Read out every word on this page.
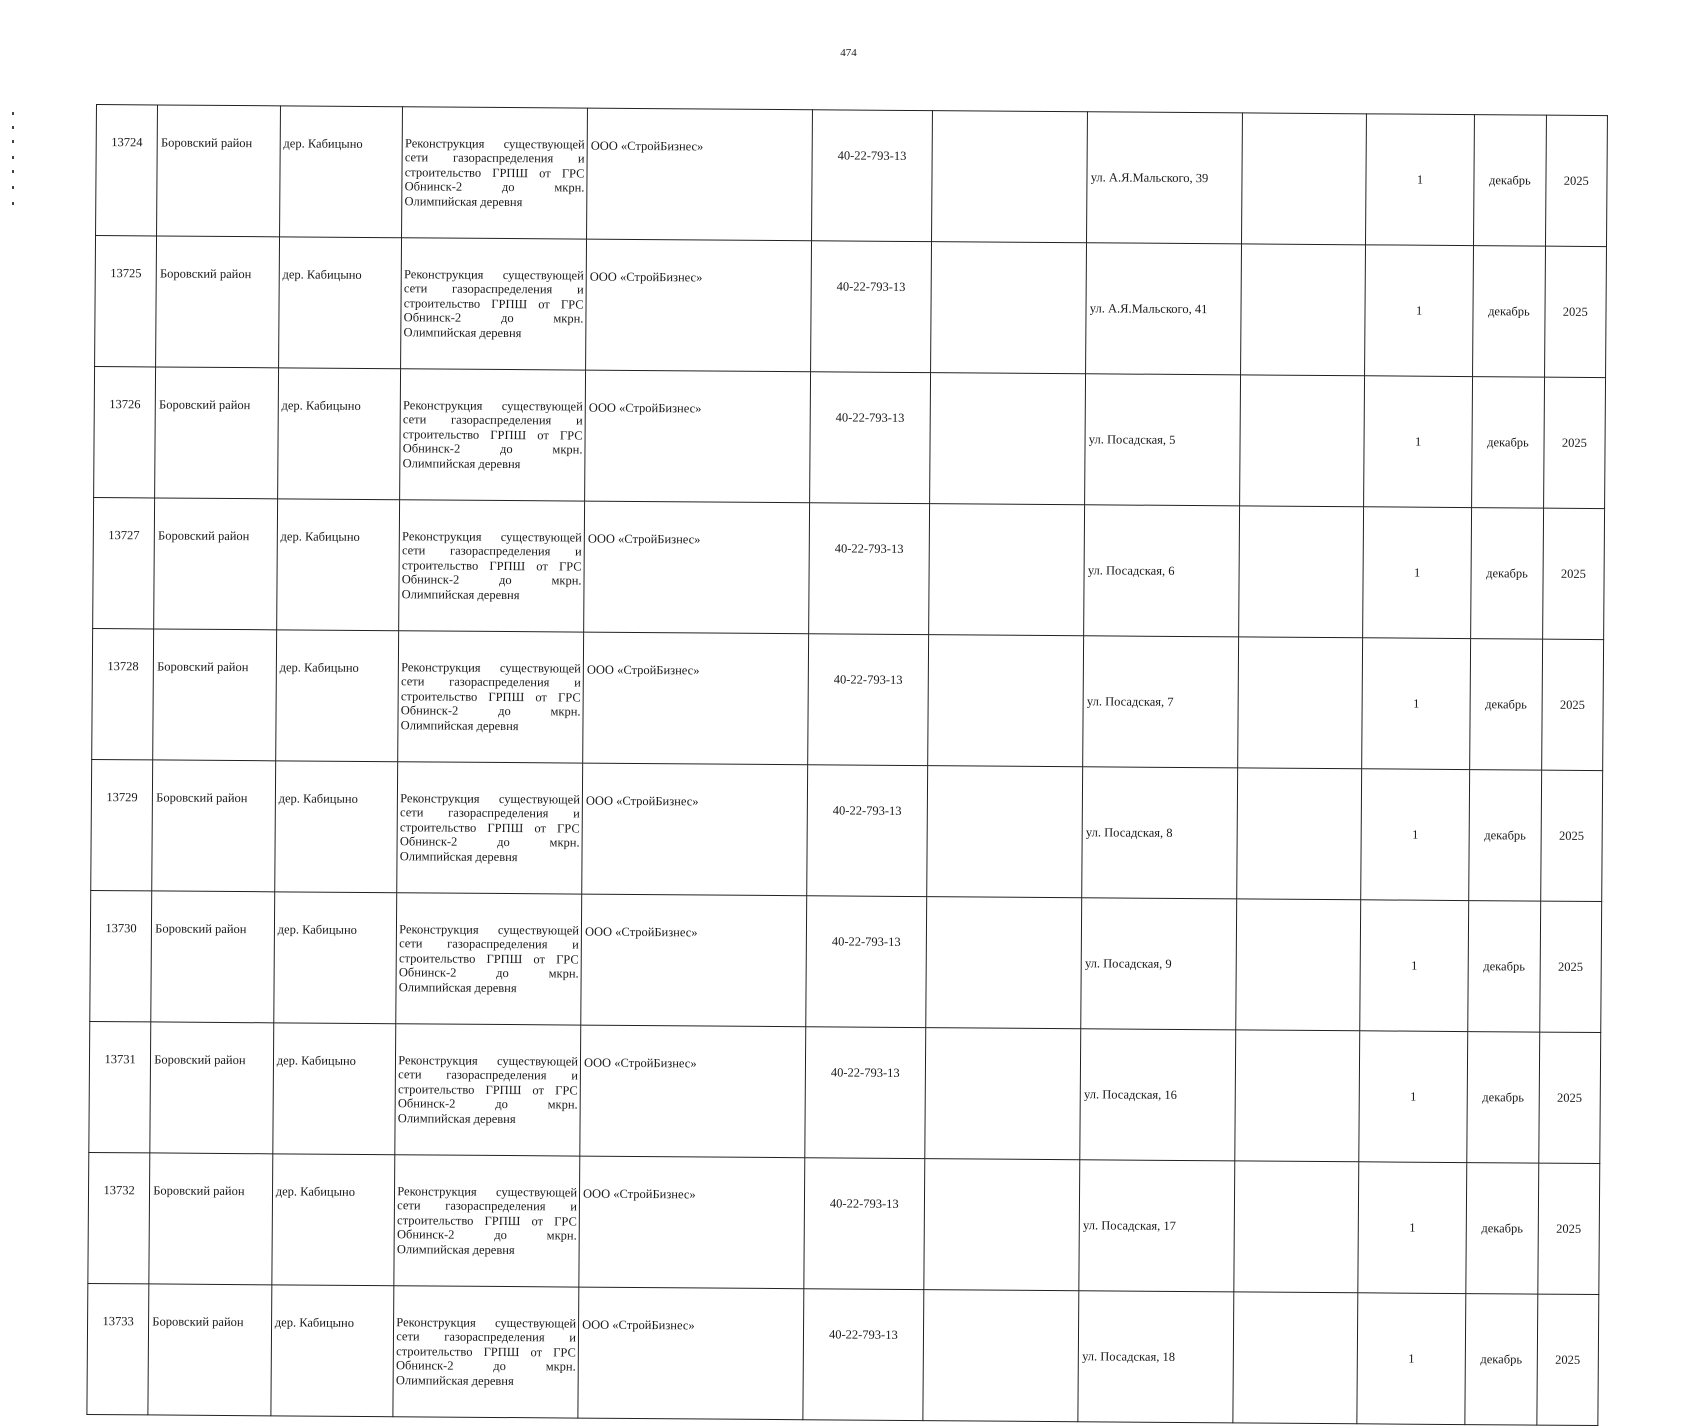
474
13724	Боровский район	дер. Кабицыно	Реконструкция существующей сети газораспределения и строительство ГРПШ от ГРС Обнинск-2 до мкрн. Олимпийская деревня	ООО «СтройБизнес»	40-22-793-13		ул. А.Я.Мальского, 39		1	декабрь	2025
13725	Боровский район	дер. Кабицыно	Реконструкция существующей сети газораспределения и строительство ГРПШ от ГРС Обнинск-2 до мкрн. Олимпийская деревня	ООО «СтройБизнес»	40-22-793-13		ул. А.Я.Мальского, 41		1	декабрь	2025
13726	Боровский район	дер. Кабицыно	Реконструкция существующей сети газораспределения и строительство ГРПШ от ГРС Обнинск-2 до мкрн. Олимпийская деревня	ООО «СтройБизнес»	40-22-793-13		ул. Посадская, 5		1	декабрь	2025
13727	Боровский район	дер. Кабицыно	Реконструкция существующей сети газораспределения и строительство ГРПШ от ГРС Обнинск-2 до мкрн. Олимпийская деревня	ООО «СтройБизнес»	40-22-793-13		ул. Посадская, 6		1	декабрь	2025
13728	Боровский район	дер. Кабицыно	Реконструкция существующей сети газораспределения и строительство ГРПШ от ГРС Обнинск-2 до мкрн. Олимпийская деревня	ООО «СтройБизнес»	40-22-793-13		ул. Посадская, 7		1	декабрь	2025
13729	Боровский район	дер. Кабицыно	Реконструкция существующей сети газораспределения и строительство ГРПШ от ГРС Обнинск-2 до мкрн. Олимпийская деревня	ООО «СтройБизнес»	40-22-793-13		ул. Посадская, 8		1	декабрь	2025
13730	Боровский район	дер. Кабицыно	Реконструкция существующей сети газораспределения и строительство ГРПШ от ГРС Обнинск-2 до мкрн. Олимпийская деревня	ООО «СтройБизнес»	40-22-793-13		ул. Посадская, 9		1	декабрь	2025
13731	Боровский район	дер. Кабицыно	Реконструкция существующей сети газораспределения и строительство ГРПШ от ГРС Обнинск-2 до мкрн. Олимпийская деревня	ООО «СтройБизнес»	40-22-793-13		ул. Посадская, 16		1	декабрь	2025
13732	Боровский район	дер. Кабицыно	Реконструкция существующей сети газораспределения и строительство ГРПШ от ГРС Обнинск-2 до мкрн. Олимпийская деревня	ООО «СтройБизнес»	40-22-793-13		ул. Посадская, 17		1	декабрь	2025
13733	Боровский район	дер. Кабицыно	Реконструкция существующей сети газораспределения и строительство ГРПШ от ГРС Обнинск-2 до мкрн. Олимпийская деревня	ООО «СтройБизнес»	40-22-793-13		ул. Посадская, 18		1	декабрь	2025
